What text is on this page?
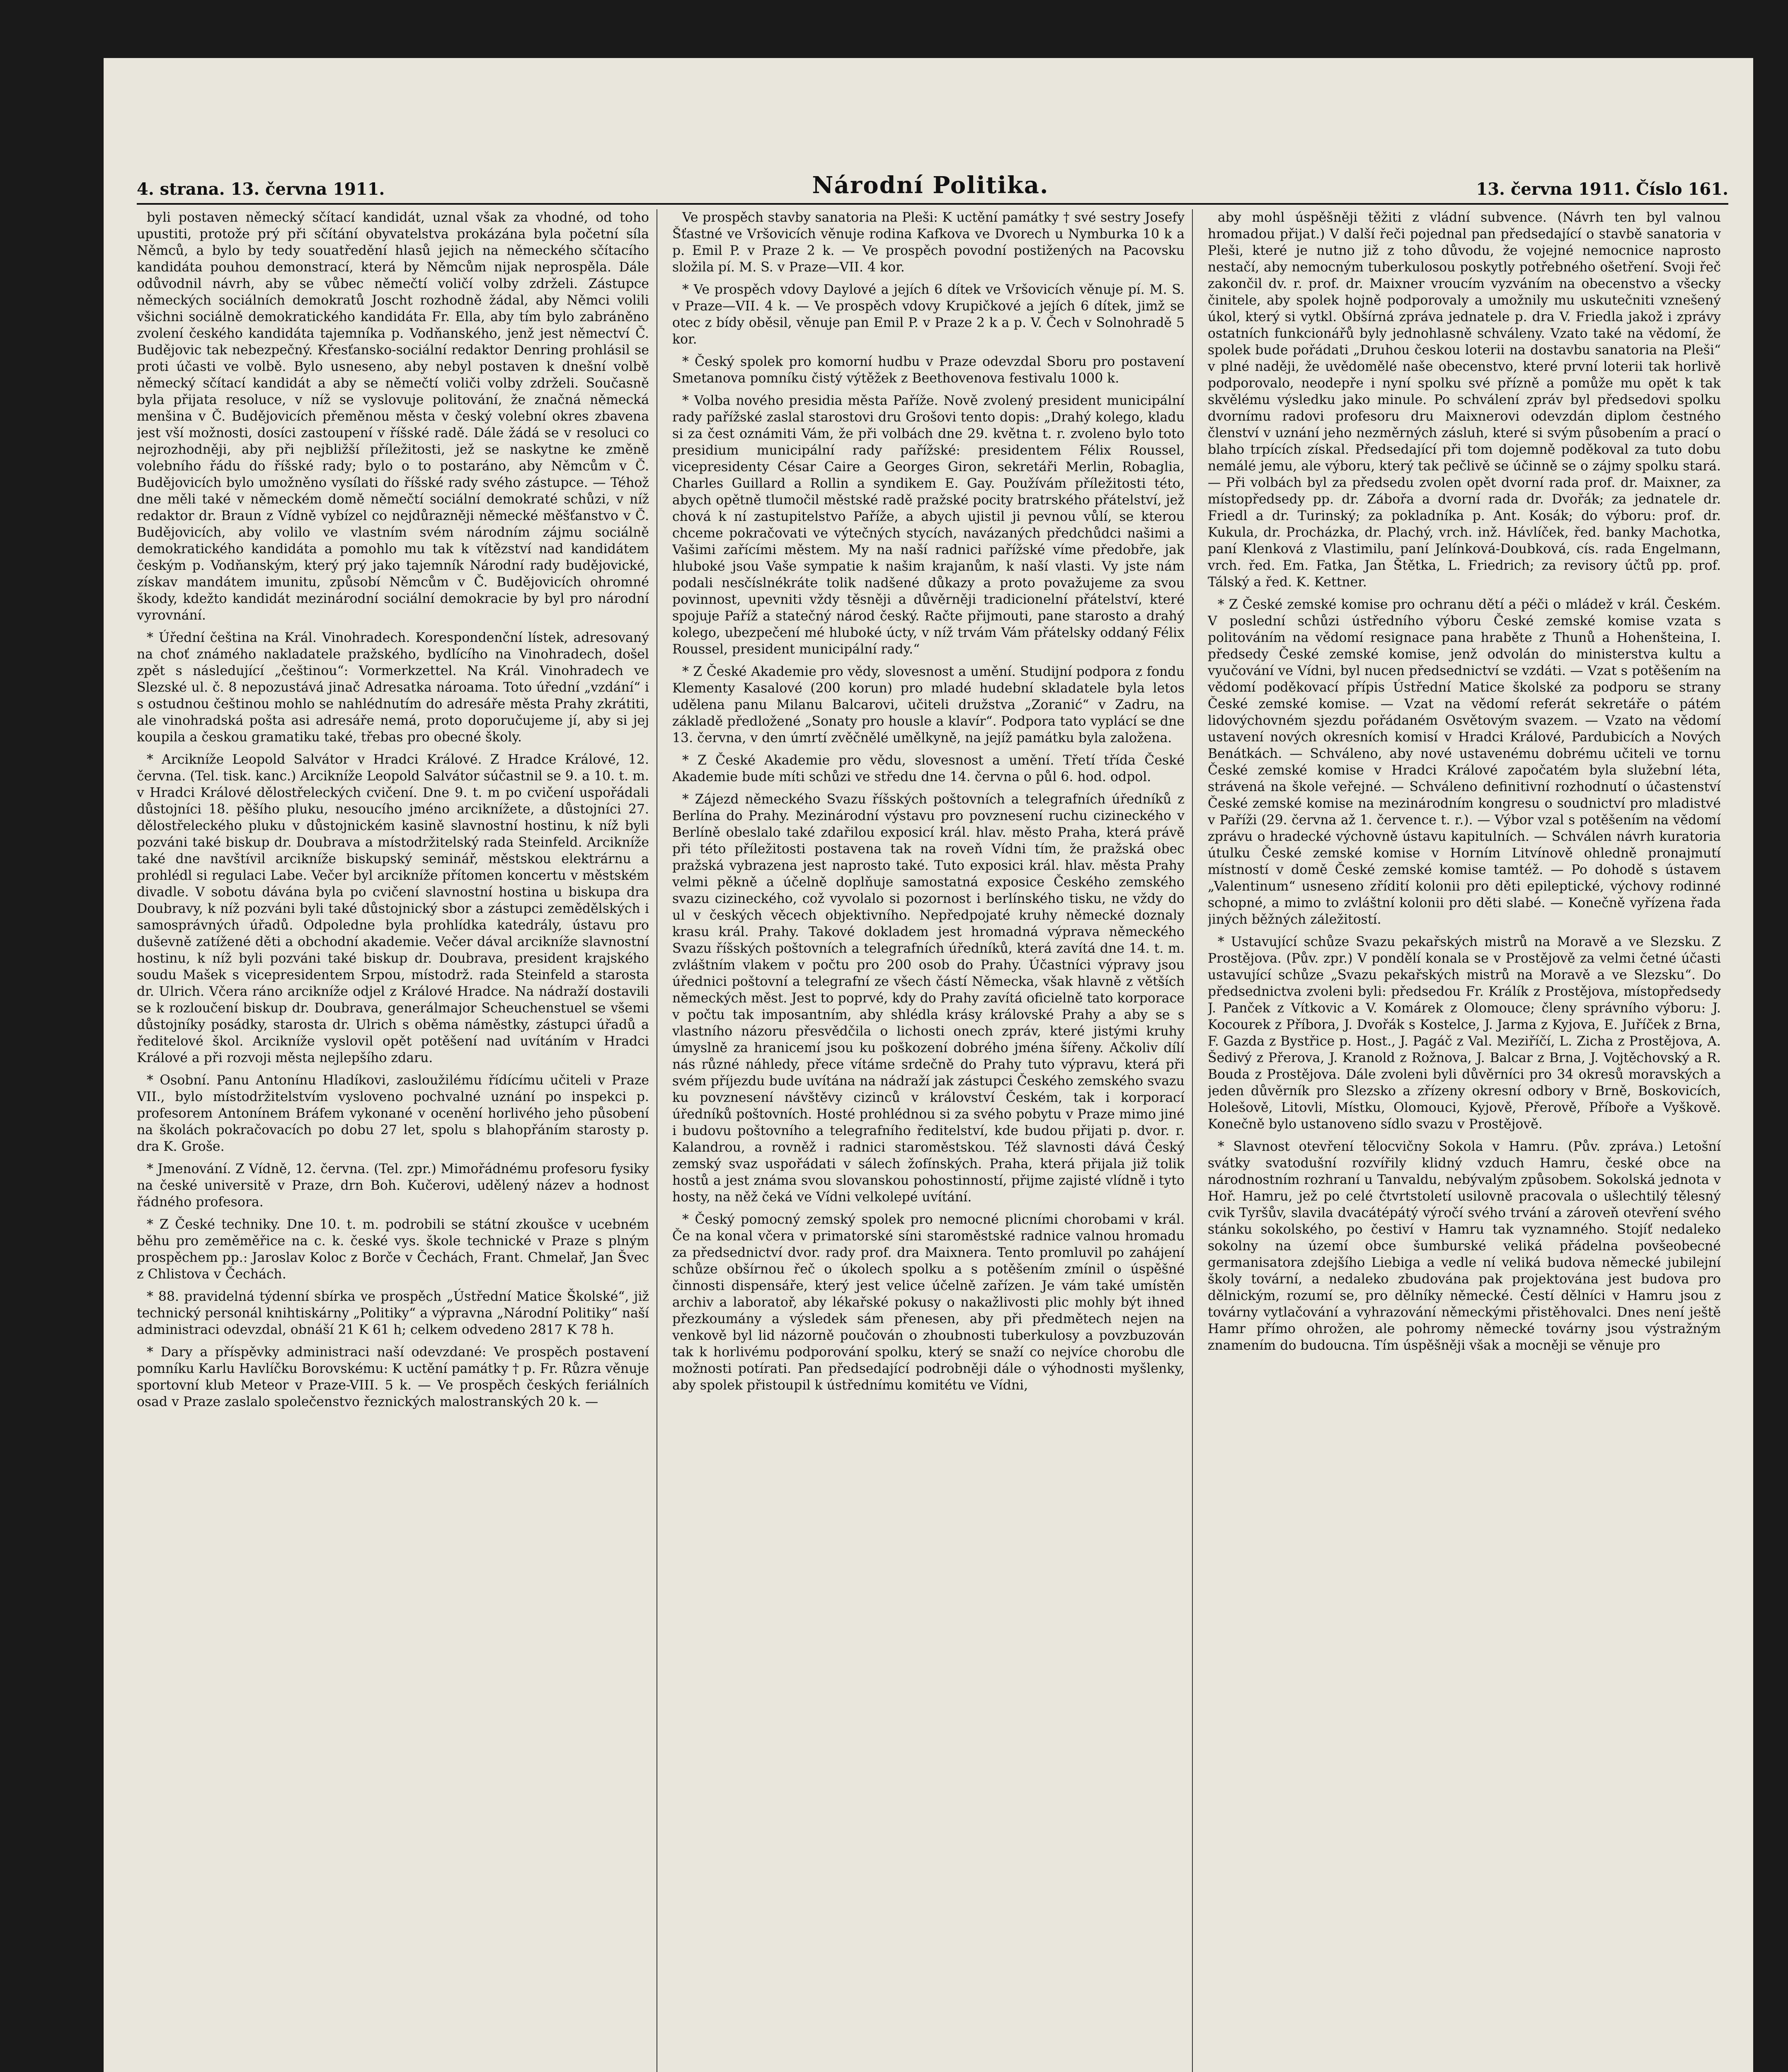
4. strana. 13. června 1911.	Národní Politika.	13. června 1911. Číslo 161.

byli postaven německý sčítací kandidát, uznal však za vhodné, od toho upustiti, protože prý při sčítání obyvatelstva prokázána byla početní síla Němců, a bylo by tedy souatředění hlasů jejich na německého sčítacího kandidáta pouhou demonstrací, která by Němcům nijak neprospěla. Dále odůvodnil návrh, aby se vůbec němečtí voličí volby zdrželi. Zástupce německých sociálních demokratů Joscht rozhodně žádal, aby Němci volili všichni sociálně demokratického kandidáta Fr. Ella, aby tím bylo zabráněno zvolení českého kandidáta tajemníka p. Vodňanského, jenž jest němectví Č. Budějovic tak nebezpečný. Křesťansko-sociální redaktor Denring prohlásil se proti účasti ve volbě. Bylo usneseno, aby nebyl postaven k dnešní volbě německý sčítací kandidát a aby se němečtí voliči volby zdrželi. Současně byla přijata resoluce, v níž se vyslovuje politování, že značná německá menšina v Č. Budějovicích přeměnou města v český volební okres zbavena jest vší možnosti, dosíci zastoupení v říšské radě. Dále žádá se v resoluci co nejrozhodněji, aby při nejbližší příležitosti, jež se naskytne ke změně volebního řádu do říšské rady; bylo o to postaráno, aby Němcům v Č. Budějovicích bylo umožněno vysílati do říšské rady svého zástupce. — Téhož dne měli také v německém domě němečtí sociální demokraté schůzi, v níž redaktor dr. Braun z Vídně vybízel co nejdůrazněji německé měšťanstvo v Č. Budějovicích, aby volilo ve vlastním svém národním zájmu sociálně demokratického kandidáta a pomohlo mu tak k vítězství nad kandidátem českým p. Vodňanským, který prý jako tajemník Národní rady budějovické, získav mandátem imunitu, způsobí Němcům v Č. Budějovicích ohromné škody, kdežto kandidát mezinárodní sociální demokracie by byl pro národní vyrovnání.

* Úřední čeština na Král. Vinohradech. Korespondenční lístek, adresovaný na choť známého nakladatele pražského, bydlícího na Vinohradech, došel zpět s následující „češtinou“: Vormerkzettel. Na Král. Vinohradech ve Slezské ul. č. 8 nepozustává jinač Adresatka nároama. Toto úřední „vzdání“ i s ostudnou češtinou mohlo se nahlédnutím do adresáře města Prahy zkrátiti, ale vinohradská pošta asi adresáře nemá, proto doporučujeme jí, aby si jej koupila a českou gramatiku také, třebas pro obecné školy.

* Arcikníže Leopold Salvátor v Hradci Králové. Z Hradce Králové, 12. června. (Tel. tisk. kanc.) Arcikníže Leopold Salvátor súčastnil se 9. a 10. t. m. v Hradci Králové dělostřeleckých cvičení. Dne 9. t. m po cvičení uspořádali důstojníci 18. pěšího pluku, nesoucího jméno arciknížete, a důstojníci 27. dělostřeleckého pluku v důstojnickém kasině slavnostní hostinu, k níž byli pozváni také biskup dr. Doubrava a místodržitelský rada Steinfeld. Arcikníže také dne navštívil arcikníže biskupský seminář, městskou elektrárnu a prohlédl si regulaci Labe. Večer byl arcikníže přítomen koncertu v městském divadle. V sobotu dávána byla po cvičení slavnostní hostina u biskupa dra Doubravy, k níž pozváni byli také důstojnický sbor a zástupci zemědělských i samosprávných úřadů. Odpoledne byla prohlídka katedrály, ústavu pro duševně zatížené děti a obchodní akademie. Večer dával arcikníže slavnostní hostinu, k níž byli pozváni také biskup dr. Doubrava, president krajského soudu Mašek s vicepresidentem Srpou, místodrž. rada Steinfeld a starosta dr. Ulrich. Včera ráno arcikníže odjel z Králové Hradce. Na nádraží dostavili se k rozloučení biskup dr. Doubrava, generálmajor Scheuchenstuel se všemi důstojníky posádky, starosta dr. Ulrich s oběma náměstky, zástupci úřadů a ředitelové škol. Arcikníže vyslovil opět potěšení nad uvítáním v Hradci Králové a při rozvoji města nejlepšího zdaru.

* Osobní. Panu Antonínu Hladíkovi, zasloužilému řídícímu učiteli v Praze VII., bylo místodržitelstvím vysloveno pochvalné uznání po inspekci p. profesorem Antonínem Bráfem vykonané v ocenění horlivého jeho působení na školách pokračovacích po dobu 27 let, spolu s blahopřáním starosty p. dra K. Groše.

* Jmenování. Z Vídně, 12. června. (Tel. zpr.) Mimořádnému profesoru fysiky na české universitě v Praze, drn Boh. Kučerovi, udělený název a hodnost řádného profesora.

* Z České techniky. Dne 10. t. m. podrobili se státní zkoušce v ucebném běhu pro zeměměřice na c. k. české vys. škole technické v Praze s plným prospěchem pp.: Jaroslav Koloc z Borče v Čechách, Frant. Chmelař, Jan Švec z Chlistova v Čechách.

* 88. pravidelná týdenní sbírka ve prospěch „Ústřední Matice Školské“, již technický personál knihtiskárny „Politiky“ a výpravna „Národní Politiky“ naší administraci odevzdal, obnáší 21 K 61 h; celkem odvedeno 2817 K 78 h.

* Dary a příspěvky administraci naší odevzdané: Ve prospěch postavení pomníku Karlu Havlíčku Borovskému: K uctění památky † p. Fr. Růzra věnuje sportovní klub Meteor v Praze-VIII. 5 k. — Ve prospěch českých feriálních osad v Praze zaslalo společenstvo řeznických malostranských 20 k. —

Ve prospěch stavby sanatoria na Pleši: K uctění památky † své sestry Josefy Šťastné ve Vršovicích věnuje rodina Kafkova ve Dvorech u Nymburka 10 k a p. Emil P. v Praze 2 k. — Ve prospěch povodní postižených na Pacovsku složila pí. M. S. v Praze—VII. 4 kor.

* Ve prospěch vdovy Daylové a jejích 6 dítek ve Vršovicích věnuje pí. M. S. v Praze—VII. 4 k. — Ve prospěch vdovy Krupičkové a jejích 6 dítek, jimž se otec z bídy oběsil, věnuje pan Emil P. v Praze 2 k a p. V. Čech v Solnohradě 5 kor.

* Český spolek pro komorní hudbu v Praze odevzdal Sboru pro postavení Smetanova pomníku čistý výtěžek z Beethovenova festivalu 1000 k.

* Volba nového presidia města Paříže. Nově zvolený president municipální rady pařížské zaslal starostovi dru Grošovi tento dopis: „Drahý kolego, kladu si za čest oznámiti Vám, že při volbách dne 29. května t. r. zvoleno bylo toto presidium municipální rady pařížské: presidentem Félix Roussel, vicepresidenty César Caire a Georges Giron, sekretáři Merlin, Robaglia, Charles Guillard a Rollin a syndikem E. Gay. Používám příležitosti této, abych opětně tlumočil městské radě pražské pocity bratrského přátelství, jež chová k ní zastupitelstvo Paříže, a abych ujistil ji pevnou vůlí, se kterou chceme pokračovati ve výtečných stycích, navázaných předchůdci našimi a Vašimi zařícími městem. My na naší radnici pařížské víme předobře, jak hluboké jsou Vaše sympatie k našim krajanům, k naší vlasti. Vy jste nám podali nesčíslnékráte tolik nadšené důkazy a proto považujeme za svou povinnost, upevniti vždy těsněji a důvěrněji tradicionelní přátelství, které spojuje Paříž a statečný národ český. Račte přijmouti, pane starosto a drahý kolego, ubezpečení mé hluboké úcty, v níž trvám Vám přátelsky oddaný Félix Roussel, president municipální rady.“

* Z České Akademie pro vědy, slovesnost a umění. Studijní podpora z fondu Klementy Kasalové (200 korun) pro mladé hudební skladatele byla letos udělena panu Milanu Balcarovi, učiteli družstva „Zoranić“ v Zadru, na základě předložené „Sonaty pro housle a klavír“. Podpora tato vyplácí se dne 13. června, v den úmrtí zvěčnělé umělkyně, na jejíž památku byla založena.

* Z České Akademie pro vědu, slovesnost a umění. Třetí třída České Akademie bude míti schůzi ve středu dne 14. června o půl 6. hod. odpol.

* Zájezd německého Svazu říšských poštovních a telegrafních úředníků z Berlína do Prahy. Mezinárodní výstavu pro povznesení ruchu cizineckého v Berlíně obeslalo také zdařilou exposicí král. hlav. město Praha, která právě při této příležitosti postavena tak na roveň Vídni tím, že pražská obec pražská vybrazena jest naprosto také. Tuto exposici král. hlav. města Prahy velmi pěkně a účelně doplňuje samostatná exposice Českého zemského svazu cizineckého, což vyvolalo si pozornost i berlínského tisku, ne vždy do ul v českých věcech objektivního. Nepředpojaté kruhy německé doznaly krasu král. Prahy. Takové dokladem jest hromadná výprava německého Svazu říšských poštovních a telegrafních úředníků, která zavítá dne 14. t. m. zvláštním vlakem v počtu pro 200 osob do Prahy. Účastníci výpravy jsou úřednici poštovní a telegrafní ze všech částí Německa, však hlavně z větších německých měst. Jest to poprvé, kdy do Prahy zavítá oficielně tato korporace v počtu tak imposantním, aby shlédla krásy královské Prahy a aby se s vlastního názoru přesvědčila o lichosti onech zpráv, které jistými kruhy úmyslně za hranicemí jsou ku poškození dobrého jména šířeny. Ačkoliv dílí nás různé náhledy, přece vítáme srdečně do Prahy tuto výpravu, která při svém příjezdu bude uvítána na nádraží jak zástupci Českého zemského svazu ku povznesení návštěvy cizinců v království Českém, tak i korporací úředníků poštovních. Hosté prohlédnou si za svého pobytu v Praze mimo jiné i budovu poštovního a telegrafního ředitelství, kde budou přijati p. dvor. r. Kalandrou, a rovněž i radnici staroměstskou. Též slavnosti dává Český zemský svaz uspořádati v sálech žofínských. Praha, která přijala již tolik hostů a jest známa svou slovanskou pohostinností, přijme zajisté vlídně i tyto hosty, na něž čeká ve Vídni velkolepé uvítání.

* Český pomocný zemský spolek pro nemocné plicními chorobami v král. Če na konal včera v primatorské síni staroměstské radnice valnou hromadu za předsednictví dvor. rady prof. dra Maixnera. Tento promluvil po zahájení schůze obšírnou řeč o úkolech spolku a s potěšením zmínil o úspěšné činnosti dispensáře, který jest velice účelně zařízen. Je vám také umístěn archiv a laboratoř, aby lékařské pokusy o nakažlivosti plic mohly být ihned přezkoumány a výsledek sám přenesen, aby při předmětech nejen na venkově byl lid názorně poučován o zhoubnosti tuberkulosy a povzbuzován tak k horlivému podporování spolku, který se snaží co nejvíce chorobu dle možnosti potírati. Pan předsedající podrobněji dále o výhodnosti myšlenky, aby spolek přistoupil k ústřednímu komitétu ve Vídni,

aby mohl úspěšněji těžiti z vládní subvence. (Návrh ten byl valnou hromadou přijat.) V další řeči pojednal pan předsedající o stavbě sanatoria v Pleši, které je nutno již z toho důvodu, že vojejné nemocnice naprosto nestačí, aby nemocným tuberkulosou poskytly potřebného ošetření. Svoji řeč zakončil dv. r. prof. dr. Maixner vroucím vyzváním na obecenstvo a všecky činitele, aby spolek hojně podporovaly a umožnily mu uskutečniti vznešený úkol, který si vytkl. Obšírná zpráva jednatele p. dra V. Friedla jakož i zprávy ostatních funkcionářů byly jednohlasně schváleny. Vzato také na vědomí, že spolek bude pořádati „Druhou českou loterii na dostavbu sanatoria na Pleši“ v plné naději, že uvědomělé naše obecenstvo, které první loterii tak horlivě podporovalo, neodepře i nyní spolku své přízně a pomůže mu opět k tak skvělému výsledku jako minule. Po schválení zpráv byl předsedovi spolku dvornímu radovi profesoru dru Maixnerovi odevzdán diplom čestného členství v uznání jeho nezměrných zásluh, které si svým působením a prací o blaho trpících získal. Předsedající při tom dojemně poděkoval za tuto dobu nemálé jemu, ale výboru, který tak pečlivě se účinně se o zájmy spolku stará. — Při volbách byl za předsedu zvolen opět dvorní rada prof. dr. Maixner, za místopředsedy pp. dr. Zábořa a dvorní rada dr. Dvořák; za jednatele dr. Friedl a dr. Turinský; za pokladníka p. Ant. Kosák; do výboru: prof. dr. Kukula, dr. Procházka, dr. Plachý, vrch. inž. Hávlíček, řed. banky Machotka, paní Klenková z Vlastimilu, paní Jelínková-Doubková, cís. rada Engelmann, vrch. řed. Em. Fatka, Jan Štětka, L. Friedrich; za revisory účtů pp. prof. Tálský a řed. K. Kettner.

* Z České zemské komise pro ochranu dětí a péči o mládež v král. Českém. V poslední schůzi ústředního výboru České zemské komise vzata s politováním na vědomí resignace pana hraběte z Thunů a Hohenšteina, I. předsedy České zemské komise, jenž odvolán do ministerstva kultu a vyučování ve Vídni, byl nucen předsednictví se vzdáti. — Vzat s potěšením na vědomí poděkovací přípis Ústřední Matice školské za podporu se strany České zemské komise. — Vzat na vědomí referát sekretáře o pátém lidovýchovném sjezdu pořádaném Osvětovým svazem. — Vzato na vědomí ustavení nových okresních komisí v Hradci Králové, Pardubicích a Nových Benátkách. — Schváleno, aby nové ustavenému dobrému učiteli ve tornu České zemské komise v Hradci Králové započatém byla služební léta, strávená na škole veřejné. — Schváleno definitivní rozhodnutí o účastenství České zemské komise na mezinárodním kongresu o soudnictví pro mladistvé v Paříži (29. června až 1. července t. r.). — Výbor vzal s potěšením na vědomí zprávu o hradecké výchovně ústavu kapitulních. — Schválen návrh kuratoria útulku České zemské komise v Horním Litvínově ohledně pronajmutí místností v domě České zemské komise tamtéž. — Po dohodě s ústavem „Valentinum“ usneseno zřídití kolonii pro děti epileptické, výchovy rodinné schopné, a mimo to zvláštní kolonii pro děti slabé. — Konečně vyřízena řada jiných běžných záležitostí.

* Ustavující schůze Svazu pekařských mistrů na Moravě a ve Slezsku. Z Prostějova. (Pův. zpr.) V pondělí konala se v Prostějově za velmi četné účasti ustavující schůze „Svazu pekařských mistrů na Moravě a ve Slezsku“. Do předsednictva zvoleni byli: předsedou Fr. Králík z Prostějova, místopředsedy J. Panček z Vítkovic a V. Komárek z Olomouce; členy správního výboru: J. Kocourek z Příbora, J. Dvořák s Kostelce, J. Jarma z Kyjova, E. Juříček z Brna, F. Gazda z Bystřice p. Host., J. Pagáč z Val. Meziříčí, L. Zicha z Prostějova, A. Šedivý z Přerova, J. Kranold z Rožnova, J. Balcar z Brna, J. Vojtěchovský a R. Bouda z Prostějova. Dále zvoleni byli důvěrníci pro 34 okresů moravských a jeden důvěrník pro Slezsko a zřízeny okresní odbory v Brně, Boskovicích, Holešově, Litovli, Místku, Olomouci, Kyjově, Přerově, Příboře a Vyškově. Konečně bylo ustanoveno sídlo svazu v Prostějově.

* Slavnost otevření tělocvičny Sokola v Hamru. (Pův. zpráva.) Letošní svátky svatodušní rozvířily klidný vzduch Hamru, české obce na národnostním rozhraní u Tanvaldu, nebývalým způsobem. Sokolská jednota v Hoř. Hamru, jež po celé čtvrtstoletí usilovně pracovala o ušlechtilý tělesný cvik Tyršův, slavila dvacátépátý výročí svého trvání a zároveň otevření svého stánku sokolského, po čestiví v Hamru tak vyznamného. Stojíť nedaleko sokolny na území obce šumburské veliká přádelna povšeobecné germanisatora zdejšího Liebiga a vedle ní veliká budova německé jubilejní školy tovární, a nedaleko zbudována pak projektována jest budova pro dělnickým, rozumí se, pro dělníky německé. Čestí dělníci v Hamru jsou z továrny vytlačování a vyhrazování německými přistěhovalci. Dnes není ještě Hamr přímo ohrožen, ale pohromy německé továrny jsou výstražným znamením do budoucna. Tím úspěšněji však a mocněji se věnuje pro
